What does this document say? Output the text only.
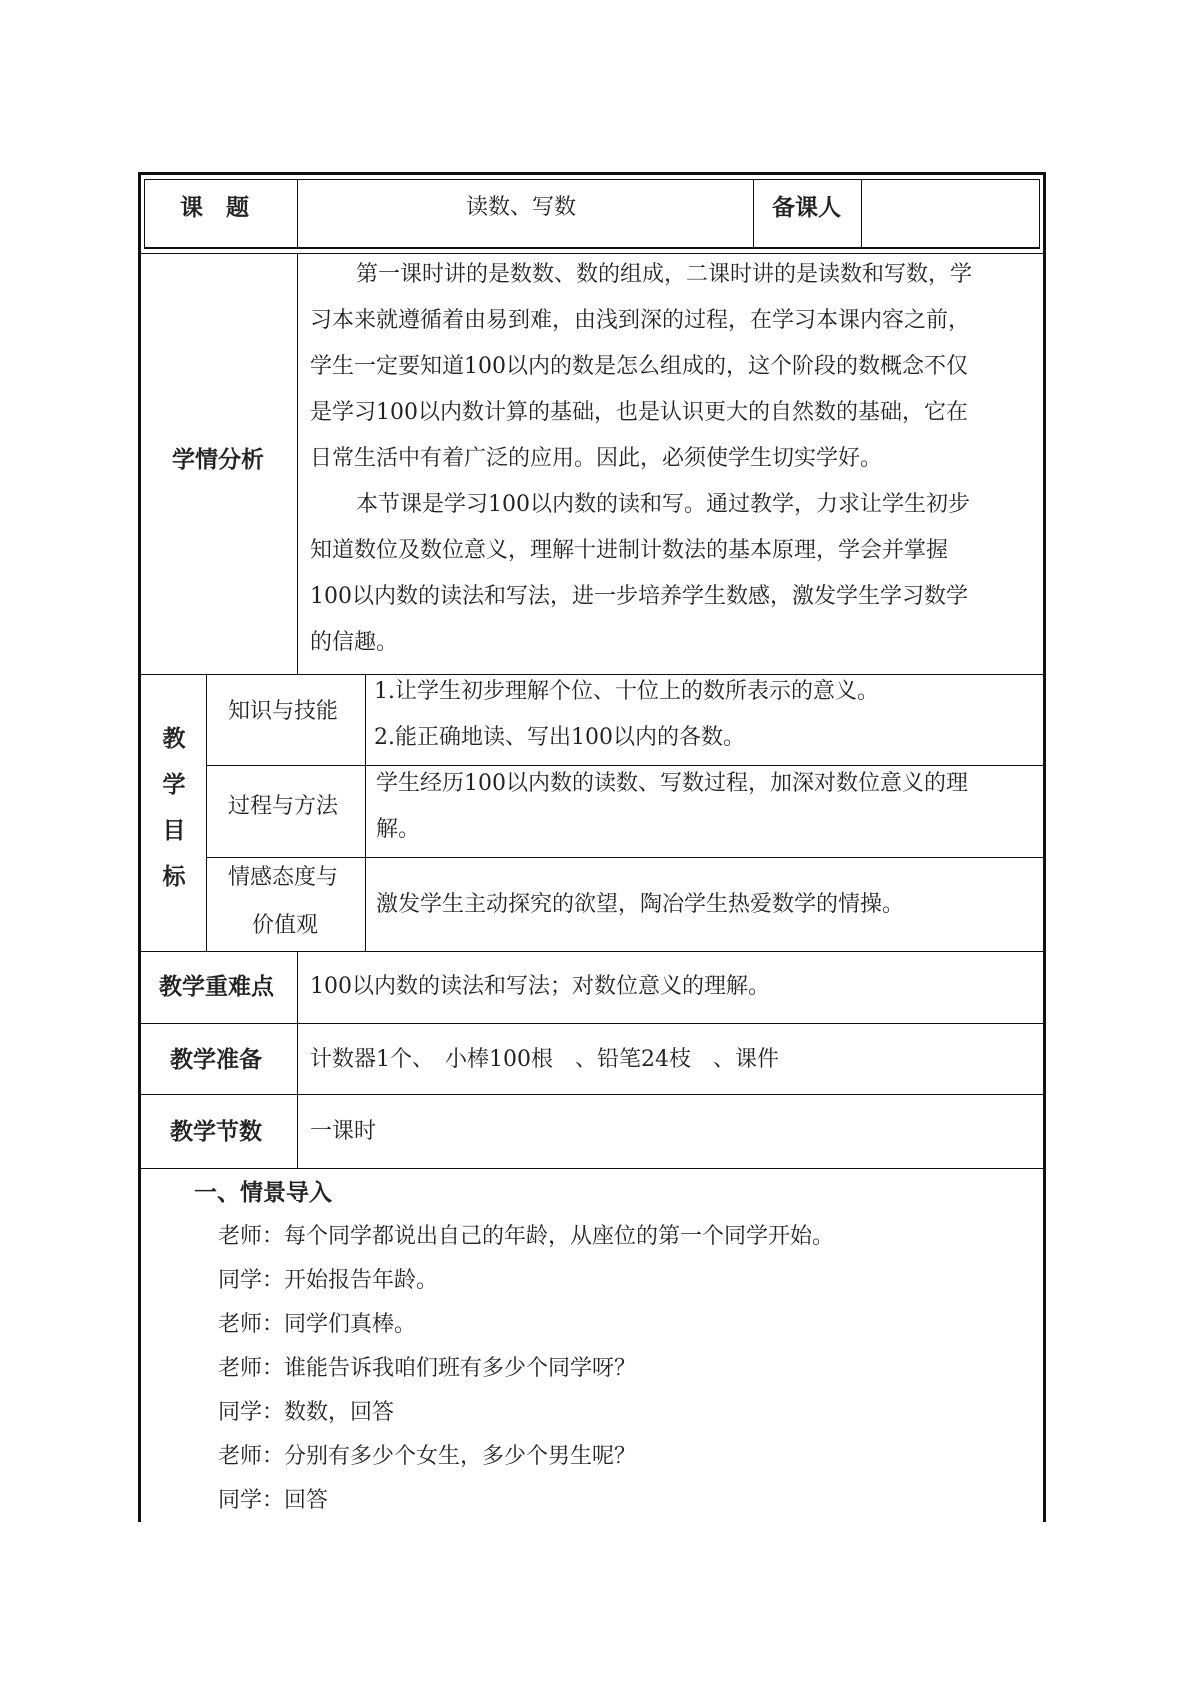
课　题	读数、写数	备课人
学情分析
第一课时讲的是数数、数的组成，二课时讲的是读数和写数，学
习本来就遵循着由易到难，由浅到深的过程，在学习本课内容之前，
学生一定要知道100以内的数是怎么组成的，这个阶段的数概念不仅
是学习100以内数计算的基础，也是认识更大的自然数的基础，它在
日常生活中有着广泛的应用。因此，必须使学生切实学好。
本节课是学习100以内数的读和写。通过教学，力求让学生初步
知道数位及数位意义，理解十进制计数法的基本原理，学会并掌握
100以内数的读法和写法，进一步培养学生数感，激发学生学习数学
的信趣。
教
学
目
标
知识与技能
1.让学生初步理解个位、十位上的数所表示的意义。
2.能正确地读、写出100以内的各数。
过程与方法
学生经历100以内数的读数、写数过程，加深对数位意义的理
解。
情感态度与
价值观
激发学生主动探究的欲望，陶冶学生热爱数学的情操。
教学重难点 100以内数的读法和写法；对数位意义的理解。
教学准备 计数器1个、　小棒100根　、铅笔24枝　、课件
教学节数 一课时
一、情景导入
老师：每个同学都说出自己的年龄，从座位的第一个同学开始。
同学：开始报告年龄。
老师：同学们真棒。
老师：谁能告诉我咱们班有多少个同学呀？
同学：数数，回答
老师：分别有多少个女生，多少个男生呢？
同学：回答
